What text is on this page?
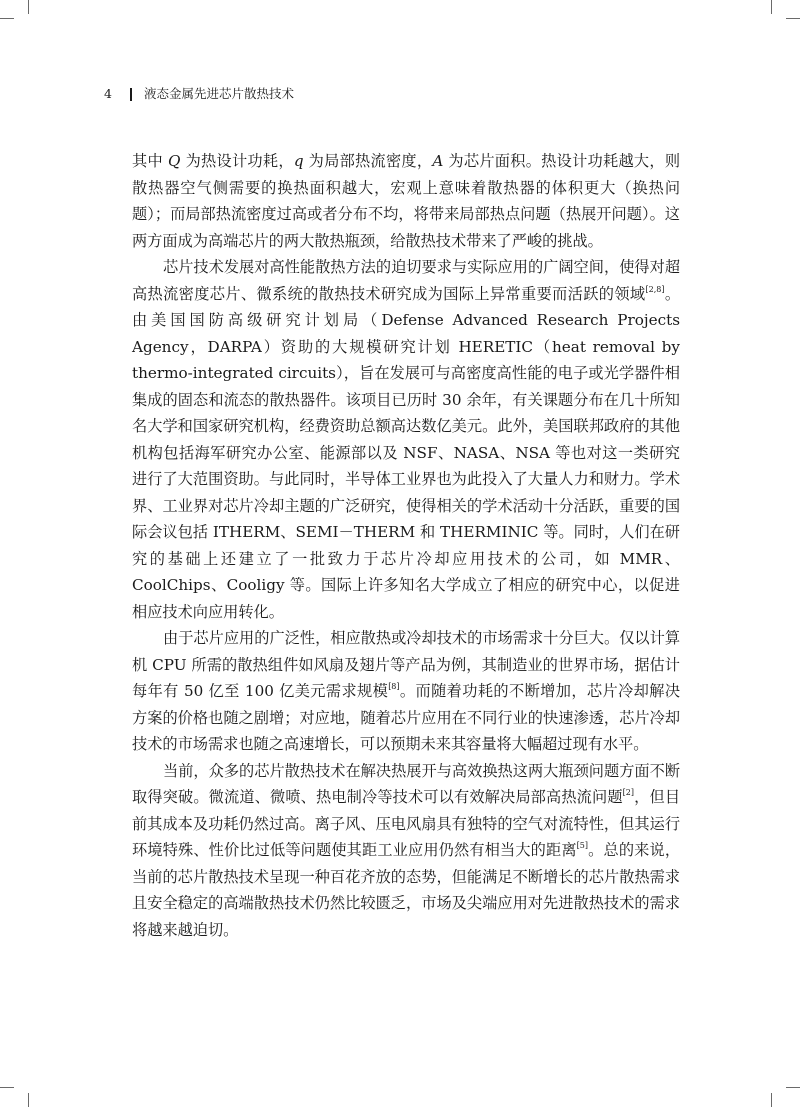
4	液态金属先进芯片散热技术

其中 Q 为热设计功耗，q 为局部热流密度，A 为芯片面积。热设计功耗越大，则散热器空气侧需要的换热面积越大，宏观上意味着散热器的体积更大（换热问题）；而局部热流密度过高或者分布不均，将带来局部热点问题（热展开问题）。这两方面成为高端芯片的两大散热瓶颈，给散热技术带来了严峻的挑战。

芯片技术发展对高性能散热方法的迫切要求与实际应用的广阔空间，使得对超高热流密度芯片、微系统的散热技术研究成为国际上异常重要而活跃的领域[2,8]。由美国国防高级研究计划局（Defense Advanced Research Projects Agency，DARPA）资助的大规模研究计划 HERETIC（heat removal by thermo-integrated circuits），旨在发展可与高密度高性能的电子或光学器件相集成的固态和流态的散热器件。该项目已历时 30 余年，有关课题分布在几十所知名大学和国家研究机构，经费资助总额高达数亿美元。此外，美国联邦政府的其他机构包括海军研究办公室、能源部以及 NSF、NASA、NSA 等也对这一类研究进行了大范围资助。与此同时，半导体工业界也为此投入了大量人力和财力。学术界、工业界对芯片冷却主题的广泛研究，使得相关的学术活动十分活跃，重要的国际会议包括 ITHERM、SEMI－THERM 和 THERMINIC 等。同时，人们在研究的基础上还建立了一批致力于芯片冷却应用技术的公司，如 MMR、CoolChips、Cooligy 等。国际上许多知名大学成立了相应的研究中心，以促进相应技术向应用转化。

由于芯片应用的广泛性，相应散热或冷却技术的市场需求十分巨大。仅以计算机 CPU 所需的散热组件如风扇及翅片等产品为例，其制造业的世界市场，据估计每年有 50 亿至 100 亿美元需求规模[8]。而随着功耗的不断增加，芯片冷却解决方案的价格也随之剧增；对应地，随着芯片应用在不同行业的快速渗透，芯片冷却技术的市场需求也随之高速增长，可以预期未来其容量将大幅超过现有水平。

当前，众多的芯片散热技术在解决热展开与高效换热这两大瓶颈问题方面不断取得突破。微流道、微喷、热电制冷等技术可以有效解决局部高热流问题[2]，但目前其成本及功耗仍然过高。离子风、压电风扇具有独特的空气对流特性，但其运行环境特殊、性价比过低等问题使其距工业应用仍然有相当大的距离[5]。总的来说，当前的芯片散热技术呈现一种百花齐放的态势，但能满足不断增长的芯片散热需求且安全稳定的高端散热技术仍然比较匮乏，市场及尖端应用对先进散热技术的需求将越来越迫切。
